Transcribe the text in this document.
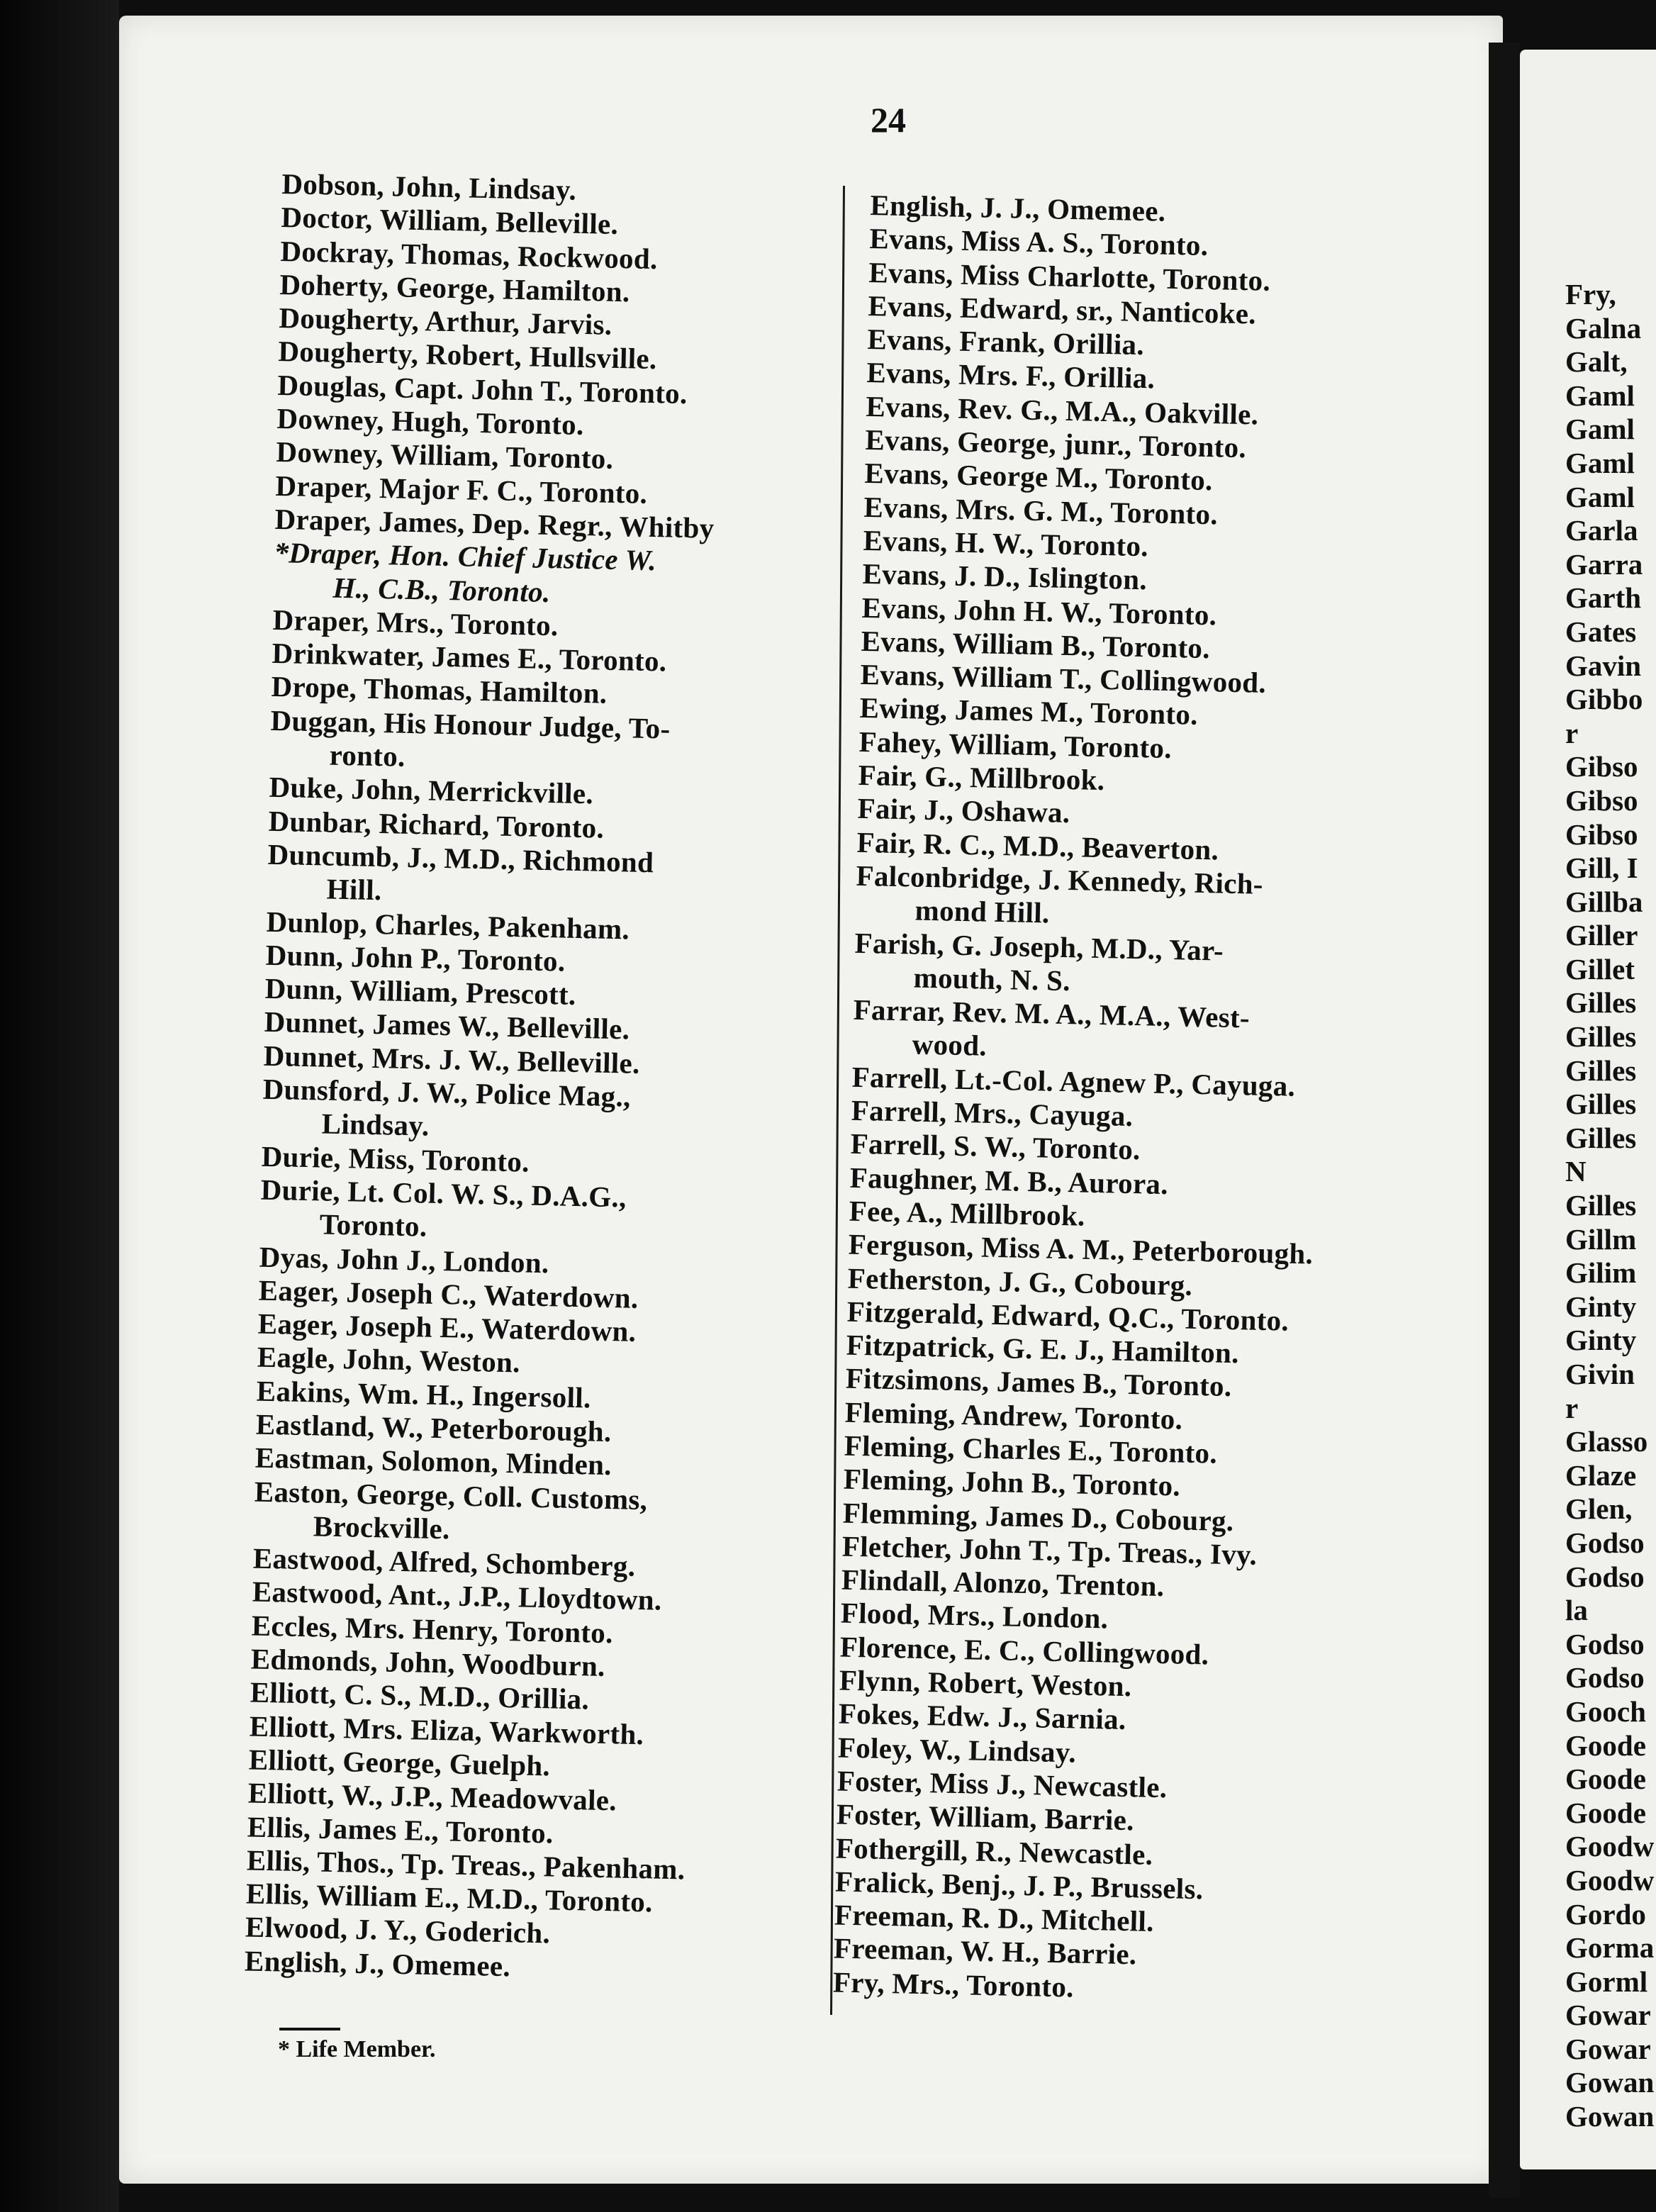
Fry,
Galna
Galt,
Gaml
Gaml
Gaml
Gaml
Garla
Garra
Garth
Gates
Gavin
Gibbo
r
Gibso
Gibso
Gibso
Gill, I
Gillba
Giller
Gillet
Gilles
Gilles
Gilles
Gilles
Gilles
N
Gilles
Gillm
Gilim
Ginty
Ginty
Givin
r
Glasso
Glaze
Glen,
Godso
Godso
la
Godso
Godso
Gooch
Goode
Goode
Goode
Goodw
Goodw
Gordo
Gorma
Gorml
Gowar
Gowar
Gowan
Gowan
24
Dobson, John, Lindsay.
Doctor, William, Belleville.
Dockray, Thomas, Rockwood.
Doherty, George, Hamilton.
Dougherty, Arthur, Jarvis.
Dougherty, Robert, Hullsville.
Douglas, Capt. John T., Toronto.
Downey, Hugh, Toronto.
Downey, William, Toronto.
Draper, Major F. C., Toronto.
Draper, James, Dep. Regr., Whitby
*Draper, Hon. Chief Justice W.
H., C.B., Toronto.
Draper, Mrs., Toronto.
Drinkwater, James E., Toronto.
Drope, Thomas, Hamilton.
Duggan, His Honour Judge, To-
ronto.
Duke, John, Merrickville.
Dunbar, Richard, Toronto.
Duncumb, J., M.D., Richmond
Hill.
Dunlop, Charles, Pakenham.
Dunn, John P., Toronto.
Dunn, William, Prescott.
Dunnet, James W., Belleville.
Dunnet, Mrs. J. W., Belleville.
Dunsford, J. W., Police Mag.,
Lindsay.
Durie, Miss, Toronto.
Durie, Lt. Col. W. S., D.A.G.,
Toronto.
Dyas, John J., London.
Eager, Joseph C., Waterdown.
Eager, Joseph E., Waterdown.
Eagle, John, Weston.
Eakins, Wm. H., Ingersoll.
Eastland, W., Peterborough.
Eastman, Solomon, Minden.
Easton, George, Coll. Customs,
Brockville.
Eastwood, Alfred, Schomberg.
Eastwood, Ant., J.P., Lloydtown.
Eccles, Mrs. Henry, Toronto.
Edmonds, John, Woodburn.
Elliott, C. S., M.D., Orillia.
Elliott, Mrs. Eliza, Warkworth.
Elliott, George, Guelph.
Elliott, W., J.P., Meadowvale.
Ellis, James E., Toronto.
Ellis, Thos., Tp. Treas., Pakenham.
Ellis, William E., M.D., Toronto.
Elwood, J. Y., Goderich.
English, J., Omemee.
English, J. J., Omemee.
Evans, Miss A. S., Toronto.
Evans, Miss Charlotte, Toronto.
Evans, Edward, sr., Nanticoke.
Evans, Frank, Orillia.
Evans, Mrs. F., Orillia.
Evans, Rev. G., M.A., Oakville.
Evans, George, junr., Toronto.
Evans, George M., Toronto.
Evans, Mrs. G. M., Toronto.
Evans, H. W., Toronto.
Evans, J. D., Islington.
Evans, John H. W., Toronto.
Evans, William B., Toronto.
Evans, William T., Collingwood.
Ewing, James M., Toronto.
Fahey, William, Toronto.
Fair, G., Millbrook.
Fair, J., Oshawa.
Fair, R. C., M.D., Beaverton.
Falconbridge, J. Kennedy, Rich-
mond Hill.
Farish, G. Joseph, M.D., Yar-
mouth, N. S.
Farrar, Rev. M. A., M.A., West-
wood.
Farrell, Lt.-Col. Agnew P., Cayuga.
Farrell, Mrs., Cayuga.
Farrell, S. W., Toronto.
Faughner, M. B., Aurora.
Fee, A., Millbrook.
Ferguson, Miss A. M., Peterborough.
Fetherston, J. G., Cobourg.
Fitzgerald, Edward, Q.C., Toronto.
Fitzpatrick, G. E. J., Hamilton.
Fitzsimons, James B., Toronto.
Fleming, Andrew, Toronto.
Fleming, Charles E., Toronto.
Fleming, John B., Toronto.
Flemming, James D., Cobourg.
Fletcher, John T., Tp. Treas., Ivy.
Flindall, Alonzo, Trenton.
Flood, Mrs., London.
Florence, E. C., Collingwood.
Flynn, Robert, Weston.
Fokes, Edw. J., Sarnia.
Foley, W., Lindsay.
Foster, Miss J., Newcastle.
Foster, William, Barrie.
Fothergill, R., Newcastle.
Fralick, Benj., J. P., Brussels.
Freeman, R. D., Mitchell.
Freeman, W. H., Barrie.
Fry, Mrs., Toronto.
* Life Member.
